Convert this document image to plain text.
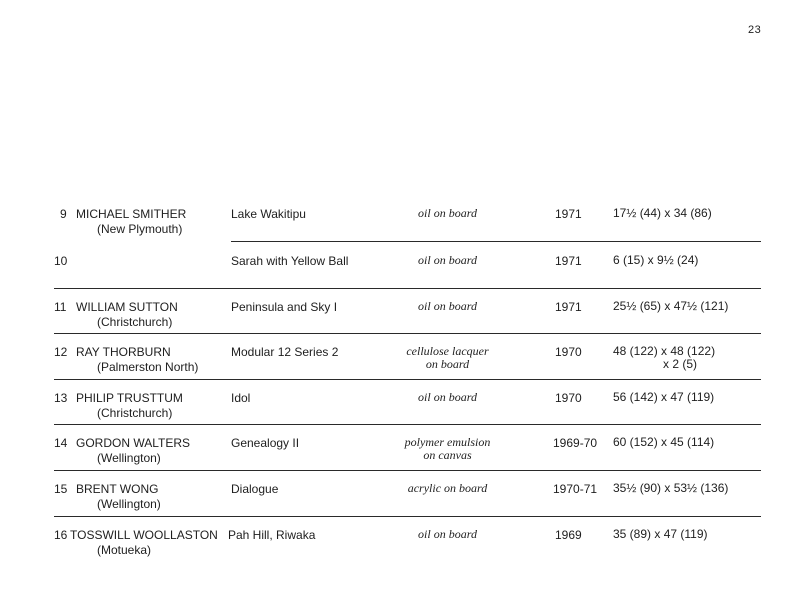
23
9 MICHAEL SMITHER
(New Plymouth)
Lake Wakitipu	oil on board	1971	17½ (44) x 34 (86)
10	Sarah with Yellow Ball	oil on board	1971	6 (15) x 9½ (24)
11 WILLIAM SUTTON
(Christchurch)
Peninsula and Sky I	oil on board	1971	25½ (65) x 47½ (121)
12 RAY THORBURN
(Palmerston North)
Modular 12 Series 2	cellulose lacquer
on board
1970	48 (122) x 48 (122)
x 2 (5)
13 PHILIP TRUSTTUM
(Christchurch)
Idol	oil on board	1970	56 (142) x 47 (119)
14 GORDON WALTERS
(Wellington)
Genealogy II	polymer emulsion
on canvas
1969-70 60 (152) x 45 (114)
15 BRENT WONG
(Wellington)
Dialogue	acrylic on board	1970-71 35½ (90) x 53½ (136)
16 TOSSWILL WOOLLASTON
(Motueka)
Pah Hill, Riwaka	oil on board	1969	35 (89) x 47 (119)
